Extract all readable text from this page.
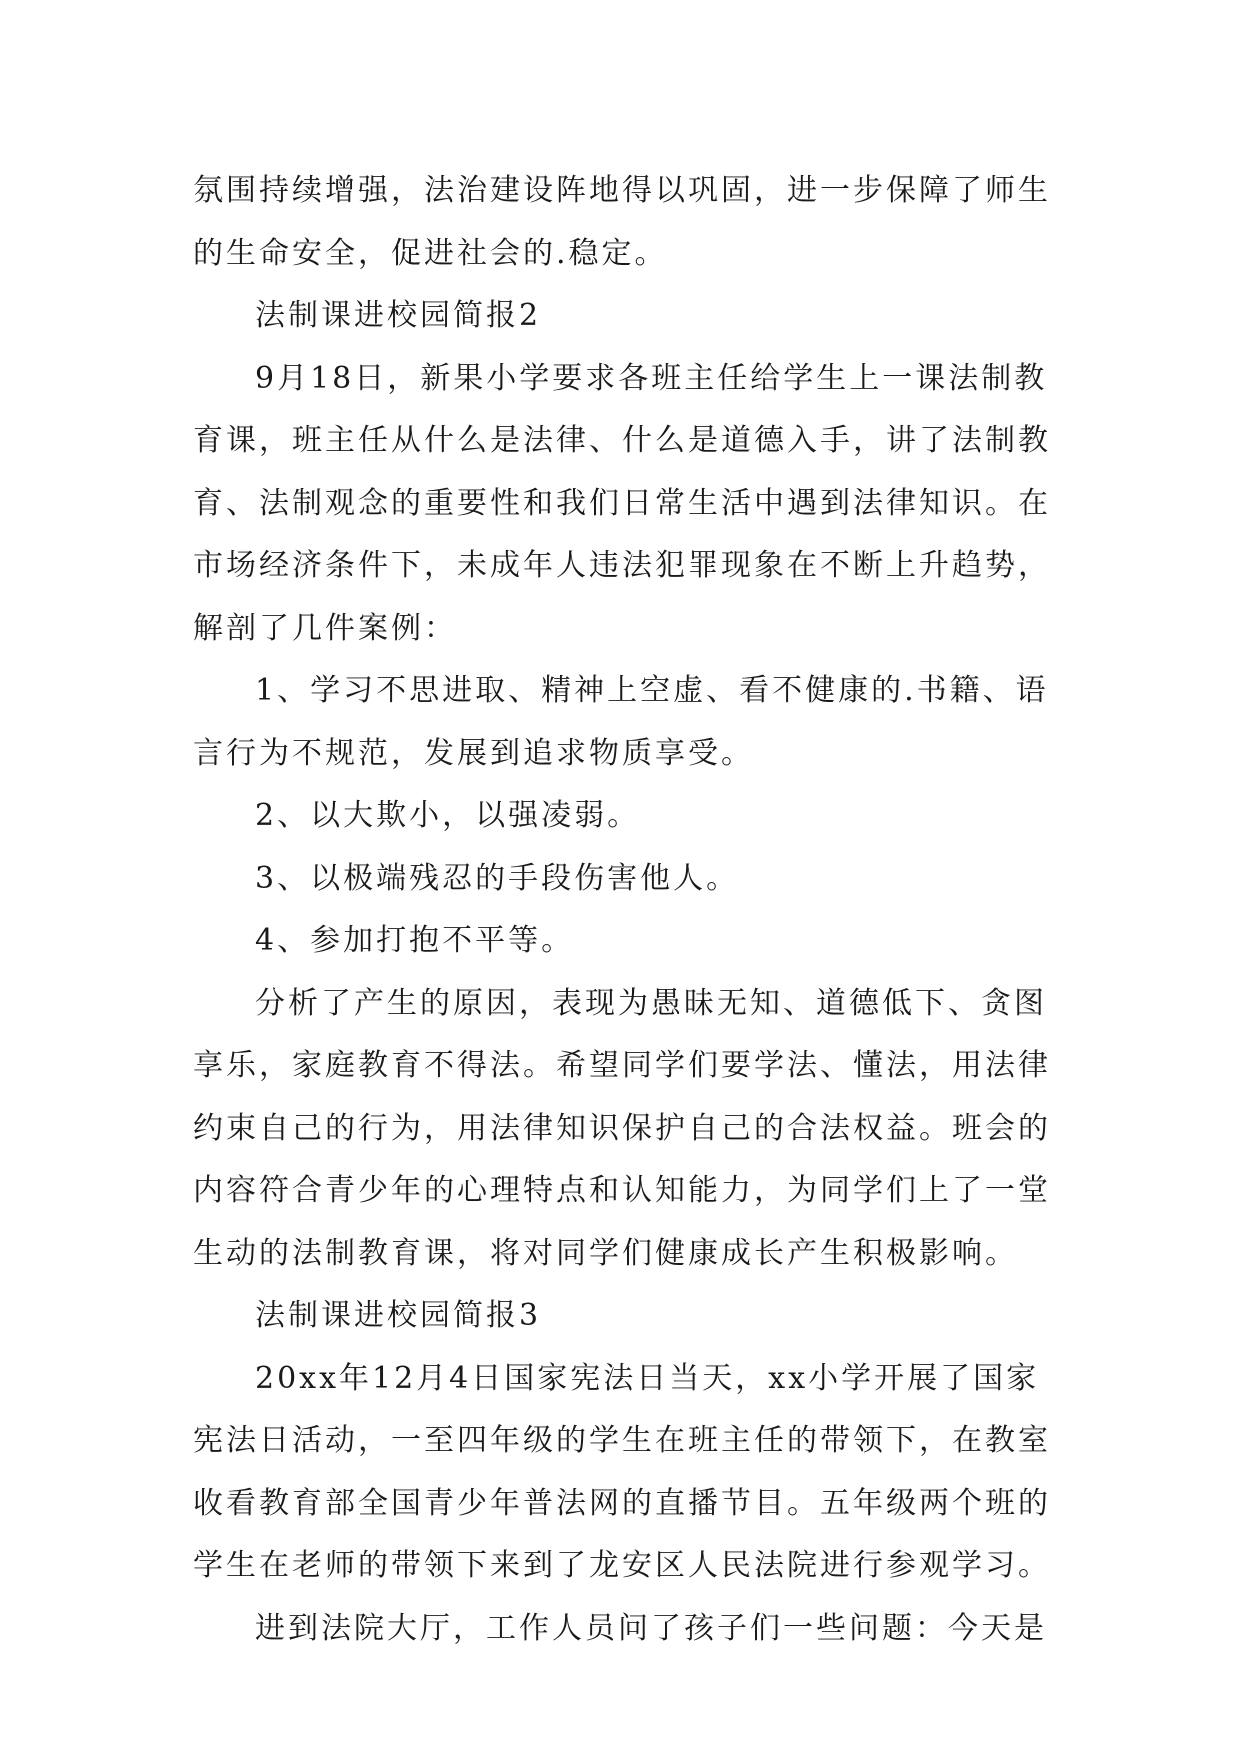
氛围持续增强，法治建设阵地得以巩固，进一步保障了师生
的生命安全，促进社会的.稳定。
法制课进校园简报2
9月18日，新果小学要求各班主任给学生上一课法制教
育课，班主任从什么是法律、什么是道德入手，讲了法制教
育、法制观念的重要性和我们日常生活中遇到法律知识。在
市场经济条件下，未成年人违法犯罪现象在不断上升趋势，
解剖了几件案例：
1、学习不思进取、精神上空虚、看不健康的.书籍、语
言行为不规范，发展到追求物质享受。
2、以大欺小，以强凌弱。
3、以极端残忍的手段伤害他人。
4、参加打抱不平等。
分析了产生的原因，表现为愚昧无知、道德低下、贪图
享乐，家庭教育不得法。希望同学们要学法、懂法，用法律
约束自己的行为，用法律知识保护自己的合法权益。班会的
内容符合青少年的心理特点和认知能力，为同学们上了一堂
生动的法制教育课，将对同学们健康成长产生积极影响。
法制课进校园简报3
20xx年12月4日国家宪法日当天，xx小学开展了国家
宪法日活动，一至四年级的学生在班主任的带领下，在教室
收看教育部全国青少年普法网的直播节目。五年级两个班的
学生在老师的带领下来到了龙安区人民法院进行参观学习。
进到法院大厅，工作人员问了孩子们一些问题：今天是
